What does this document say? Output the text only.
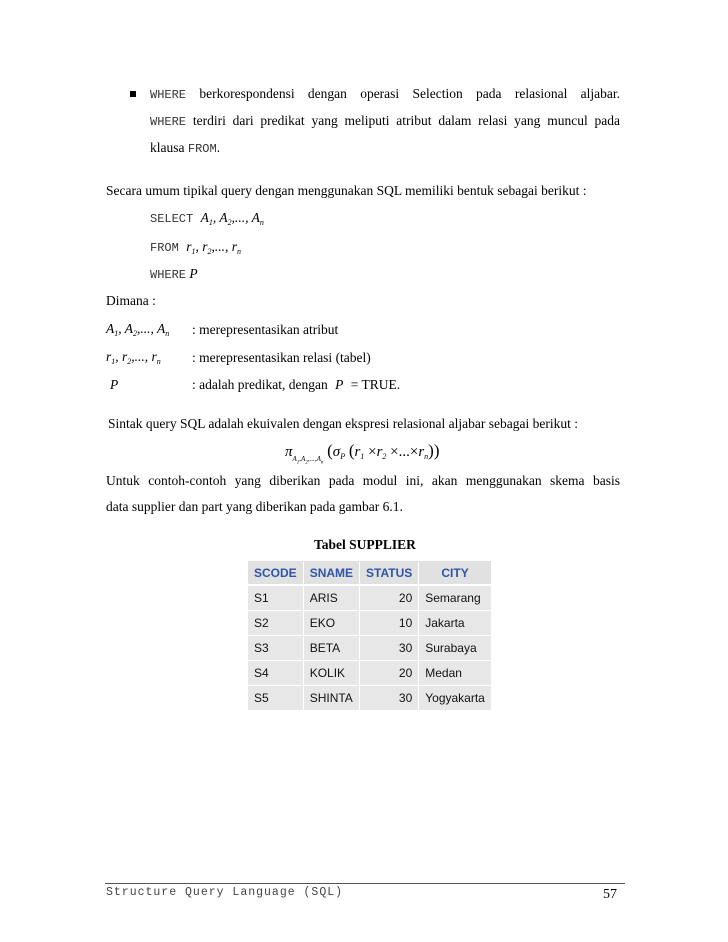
WHERE berkorespondensi dengan operasi Selection pada relasional aljabar.
WHERE terdiri dari predikat yang meliputi atribut dalam relasi yang muncul pada
klausa FROM.
Secara umum tipikal query dengan menggunakan SQL memiliki bentuk sebagai berikut :
SELECT $A_1$, $A_2$,..., $A_n$
FROM $r_1$, $r_2$,..., $r_n$
WHERE P
Dimana :
$A_1$, $A_2$,..., $A_n$ : merepresentasikan atribut
$r_1$, $r_2$,..., $r_n$ : merepresentasikan relasi (tabel)
P	: adalah predikat, dengan P = TRUE.
Sintak query SQL adalah ekuivalen dengan ekspresi relasional aljabar sebagai berikut :
$\pi_{A_1,A_2,...,A_n}$ ($\sigma_P$ $(r_1 \times r_2 \times...\times r_n)$)
Untuk contoh-contoh yang diberikan pada modul ini, akan menggunakan skema basis
data supplier dan part yang diberikan pada gambar 6.1.
Tabel SUPPLIER
SCODE	SNAME	STATUS	CITY
S1	ARIS	20	Semarang
S2	EKO	10	Jakarta
S3	BETA	30	Surabaya
S4	KOLIK	20	Medan
S5	SHINTA	30	Yogyakarta
Structure Query Language (SQL)	57
